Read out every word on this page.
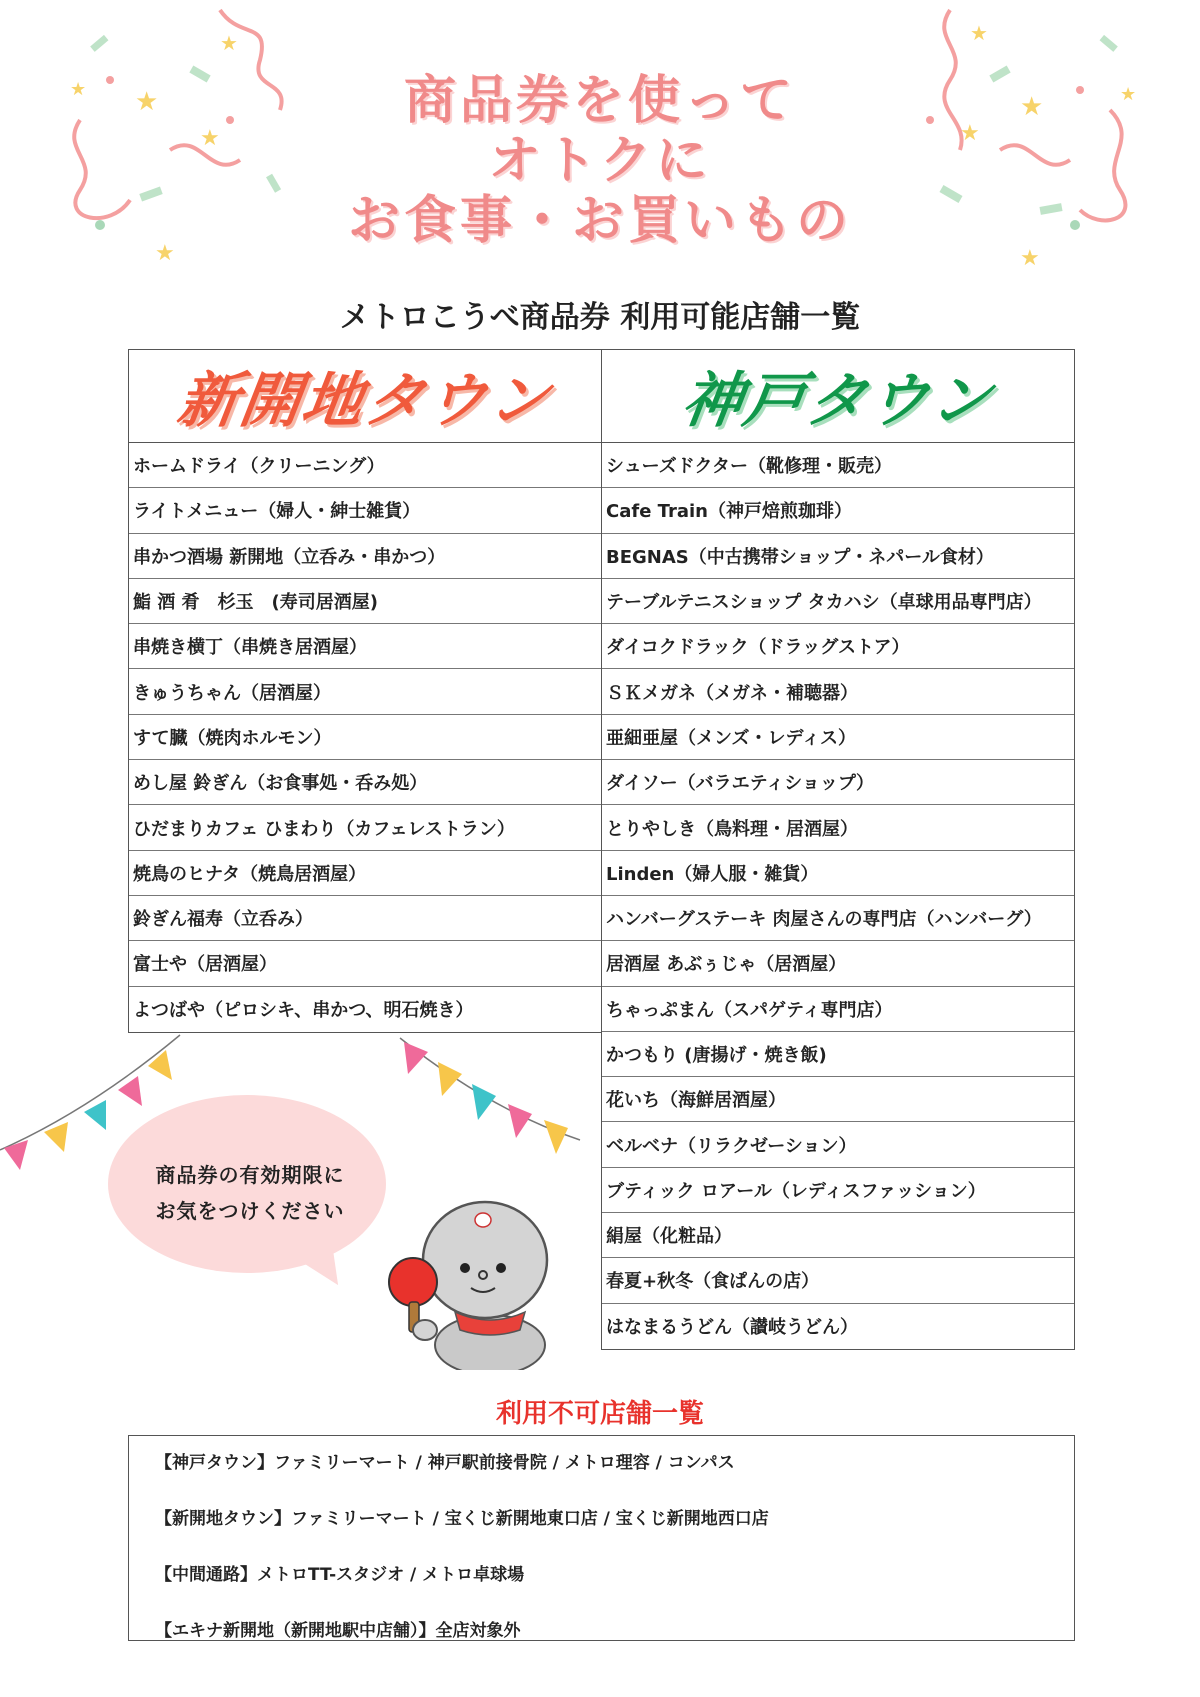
★
★
★
★
★
★
★
★
★
★
商品券を使って
オトクに
お食事・お買いもの
メトロこうべ商品券 利用可能店舗一覧
新開地タウン
ホームドライ（クリーニング）
ライトメニュー（婦人・紳士雑貨）
串かつ酒場 新開地（立呑み・串かつ）
鮨 酒 肴　杉玉　(寿司居酒屋)
串焼き横丁（串焼き居酒屋）
きゅうちゃん（居酒屋）
すて臓（焼肉ホルモン）
めし屋 鈴ぎん（お食事処・呑み処）
ひだまりカフェ ひまわり（カフェレストラン）
焼鳥のヒナタ（焼鳥居酒屋）
鈴ぎん福寿（立呑み）
富士や（居酒屋）
よつばや（ピロシキ、串かつ、明石焼き）
神戸タウン
シューズドクター（靴修理・販売）
Cafe Train（神戸焙煎珈琲）
BEGNAS（中古携帯ショップ・ネパール食材）
テーブルテニスショップ タカハシ（卓球用品専門店）
ダイコクドラック（ドラッグストア）
ＳＫメガネ（メガネ・補聴器）
亜細亜屋（メンズ・レディス）
ダイソー（バラエティショップ）
とりやしき（鳥料理・居酒屋）
Linden（婦人服・雑貨）
ハンバーグステーキ 肉屋さんの専門店（ハンバーグ）
居酒屋 あぶぅじゃ（居酒屋）
ちゃっぷまん（スパゲティ専門店）
かつもり (唐揚げ・焼き飯)
花いち（海鮮居酒屋）
ベルベナ（リラクゼーション）
ブティック ロアール（レディスファッション）
絹屋（化粧品）
春夏+秋冬（食ぱんの店）
はなまるうどん（讃岐うどん）
商品券の有効期限に
お気をつけください
利用不可店舗一覧
【神戸タウン】ファミリーマート / 神戸駅前接骨院 / メトロ理容 / コンパス
【新開地タウン】ファミリーマート / 宝くじ新開地東口店 / 宝くじ新開地西口店
【中間通路】メトロTT-スタジオ / メトロ卓球場
【エキナ新開地（新開地駅中店舗）】全店対象外
